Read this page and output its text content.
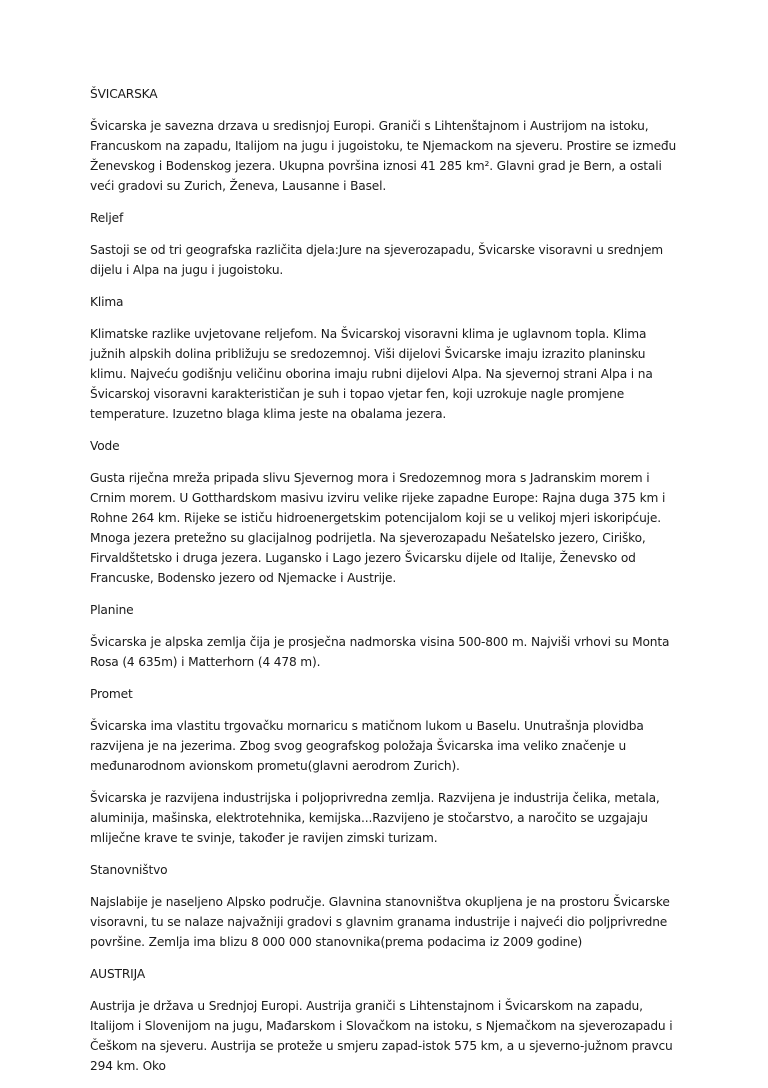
ŠVICARSKA
Švicarska je savezna drzava u sredisnjoj Europi. Graniči s Lihtenštajnom i Austrijom na istoku, Francuskom na zapadu, Italijom na jugu i jugoistoku, te Njemackom na sjeveru. Prostire se između Ženevskog i Bodenskog jezera. Ukupna površina iznosi 41 285 km². Glavni grad je Bern, a ostali veći gradovi su Zurich, Ženeva, Lausanne i Basel.
Reljef
Sastoji se od tri geografska različita djela:Jure na sjeverozapadu, Švicarske visoravni u srednjem dijelu i Alpa na jugu i jugoistoku.
Klima
Klimatske razlike uvjetovane reljefom. Na Švicarskoj visoravni klima je uglavnom topla. Klima južnih alpskih dolina približuju se sredozemnoj. Viši dijelovi Švicarske imaju izrazito planinsku klimu. Najveću godišnju veličinu oborina imaju rubni dijelovi Alpa. Na sjevernoj strani Alpa i na Švicarskoj visoravni karakterističan je suh i topao vjetar fen, koji uzrokuje nagle promjene temperature. Izuzetno blaga klima jeste na obalama jezera.
Vode
Gusta riječna mreža pripada slivu Sjevernog mora i Sredozemnog mora s Jadranskim morem i Crnim morem. U Gotthardskom masivu izviru velike rijeke zapadne Europe: Rajna duga 375 km i Rohne 264 km. Rijeke se ističu hidroenergetskim potencijalom koji se u velikoj mjeri iskoripćuje. Mnoga jezera pretežno su glacijalnog podrijetla. Na sjeverozapadu Nešatelsko jezero, Ciriško, Firvaldštetsko i druga jezera. Lugansko i Lago jezero Švicarsku dijele od Italije, Ženevsko od Francuske, Bodensko jezero od Njemacke i Austrije.
Planine
Švicarska je alpska zemlja čija je prosječna nadmorska visina 500-800 m. Najviši vrhovi su Monta Rosa (4 635m) i Matterhorn (4 478 m).
Promet
Švicarska ima vlastitu trgovačku mornaricu s matičnom lukom u Baselu. Unutrašnja plovidba razvijena je na jezerima. Zbog svog geografskog položaja Švicarska ima veliko značenje u međunarodnom avionskom prometu(glavni aerodrom Zurich).
Švicarska je razvijena industrijska i poljoprivredna zemlja. Razvijena je industrija čelika, metala, aluminija, mašinska, elektrotehnika, kemijska...Razvijeno je stočarstvo, a naročito se uzgajaju mliječne krave te svinje, također je ravijen zimski turizam.
Stanovništvo
Najslabije je naseljeno Alpsko područje. Glavnina stanovništva okupljena je na prostoru Švicarske visoravni, tu se nalaze najvažniji gradovi s glavnim granama industrije i najveći dio poljprivredne površine. Zemlja ima blizu 8 000 000 stanovnika(prema podacima iz 2009 godine)
AUSTRIJA
Austrija je država u Srednjoj Europi. Austrija graniči s Lihtenstajnom i Švicarskom na zapadu, Italijom i Slovenijom na jugu, Mađarskom i Slovačkom na istoku, s Njemačkom na sjeverozapadu i Češkom na sjeveru. Austrija se proteže u smjeru zapad-istok 575 km, a u sjeverno-južnom pravcu 294 km. Oko
